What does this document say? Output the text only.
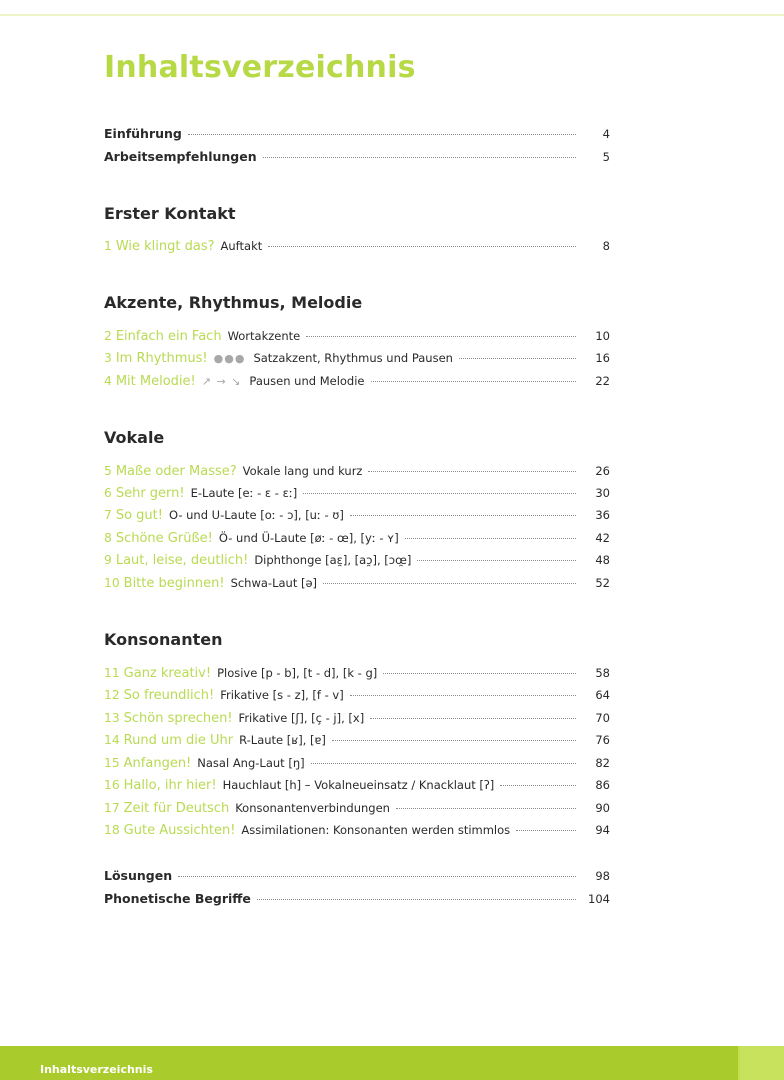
Inhaltsverzeichnis
Einführung	4
Arbeitsempfehlungen	5
Erster Kontakt
1 Wie klingt das? Auftakt	8
Akzente, Rhythmus, Melodie
2 Einfach ein Fach Wortakzente	10
3 Im Rhythmus! ●●● Satzakzent, Rhythmus und Pausen	16
4 Mit Melodie! ↗ → ↘ Pausen und Melodie	22
Vokale
5 Maße oder Masse? Vokale lang und kurz	26
6 Sehr gern! E-Laute [eː - ɛ - ɛː]	30
7 So gut! O- und U-Laute [oː - ɔ], [uː - ʊ]	36
8 Schöne Grüße! Ö- und Ü-Laute [øː - œ], [yː - ʏ]	42
9 Laut, leise, deutlich! Diphthonge [aɛ̯], [aɔ̯], [ɔœ̯]	48
10 Bitte beginnen! Schwa-Laut [ə]	52
Konsonanten
11 Ganz kreativ! Plosive [p - b], [t - d], [k - g]	58
12 So freundlich! Frikative [s - z], [f - v]	64
13 Schön sprechen! Frikative [ʃ], [ç - j], [x]	70
14 Rund um die Uhr R-Laute [ʁ], [ɐ]	76
15 Anfangen! Nasal Ang-Laut [ŋ]	82
16 Hallo, ihr hier! Hauchlaut [h] – Vokalneueinsatz / Knacklaut [ʔ]	86
17 Zeit für Deutsch Konsonantenverbindungen	90
18 Gute Aussichten! Assimilationen: Konsonanten werden stimmlos	94
Lösungen	98
Phonetische Begriffe	104
Inhaltsverzeichnis
